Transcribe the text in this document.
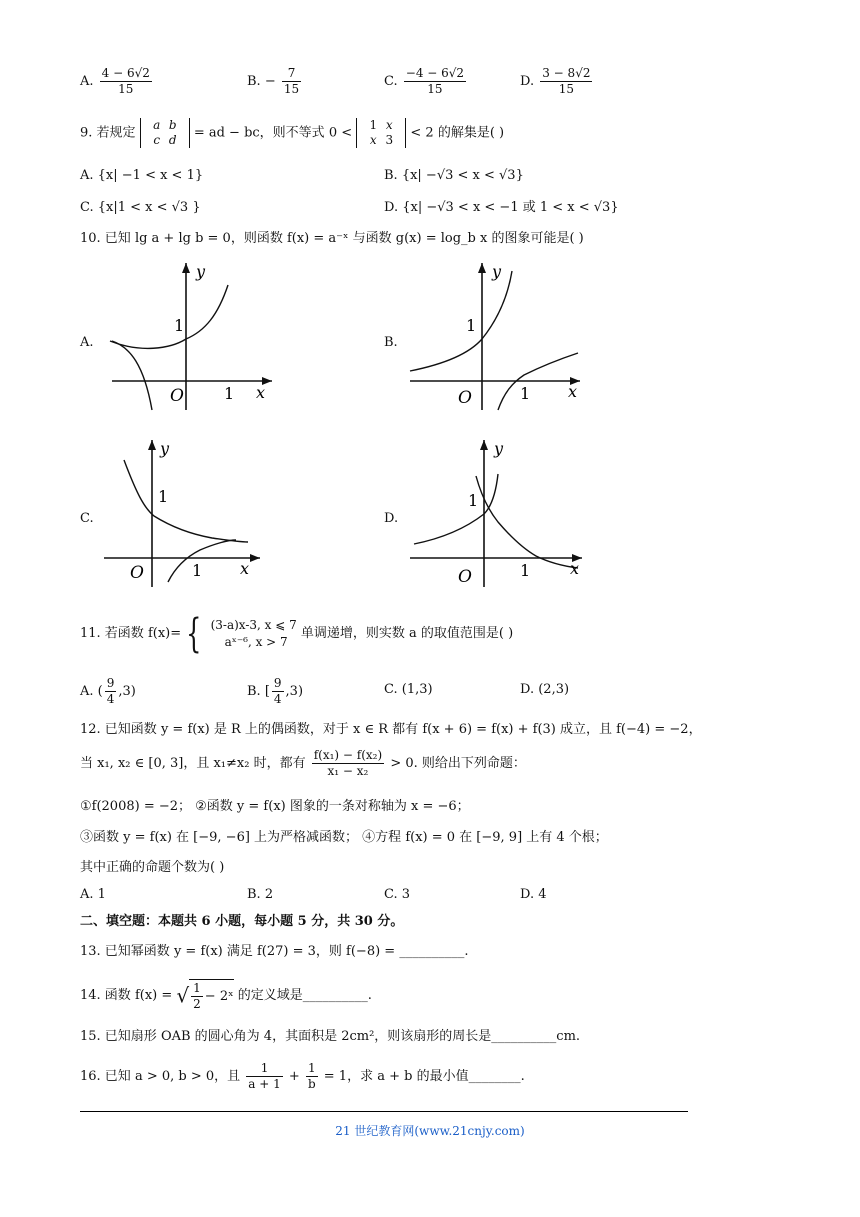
A. $\frac{4 - 6√2}{15}$	B. − $\frac{7}{15}$	C. $\frac{-4 - 6√2}{15}$	D. $\frac{3 - 8√2}{15}$
9. 若规定 a b
c d = ad − bc，则不等式 0 < 1 x
x 3 < 2 的解集是( )
A. {x| −1 < x < 1}	B. {x| −√3 < x < √3}
C. {x|1 < x < √3 }	D. {x| −√3 < x < −1 或 1 < x < √3}
10. 已知 lg a + lg b = 0，则函数 f(x) = a⁻ˣ 与函数 g(x) = log_b x 的图象可能是( )
A.	B.
C.	D.
O
1
1
y
x	O
1
1
y
x
O
1
1
y
x	O
1
1
y
x
11. 若函数 f(x)= { (3-a)x-3, x ⩽ 7
aˣ⁻⁶, x > 7 单调递增，则实数 a 的取值范围是( )
A. ( $\frac{9}{4} ,3$)	B. [ $\frac{9}{4} ,3$)	C. (1,3)	D. (2,3)
12. 已知函数 y = f(x) 是 R 上的偶函数，对于 x ∈ R 都有 f(x + 6) = f(x) + f(3) 成立，且 f(−4) = −2，
当 x₁, x₂ ∈ [0, 3]，且 x₁≠x₂ 时，都有 $\frac{\text{f(x₁) − f(x₂)}}{\text{x₁ − x₂}} > 0$. 则给出下列命题：
①f(2008) = −2； ②函数 y = f(x) 图象的一条对称轴为 x = −6；
③函数 y = f(x) 在 [−9, −6] 上为严格减函数； ④方程 f(x) = 0 在 [−9, 9] 上有 4 个根；
其中正确的命题个数为( )
A. 1	B. 2	C. 3	D. 4
二、填空题：本题共 6 小题，每小题 5 分，共 30 分。
13. 已知幂函数 y = f(x) 满足 f(27) = 3，则 f(−8) = __________.
14. 函数 f(x) = √ $\frac{1}{2}$ − 2ˣ 的定义域是__________.
15. 已知扇形 OAB 的圆心角为 4，其面积是 2cm²，则该扇形的周长是__________cm.
16. 已知 a > 0, b > 0，且 $\frac{1}{a + 1} + \frac{1}{b} = 1$，求 a + b 的最小值________.
21 世纪教育网(www.21cnjy.com)
